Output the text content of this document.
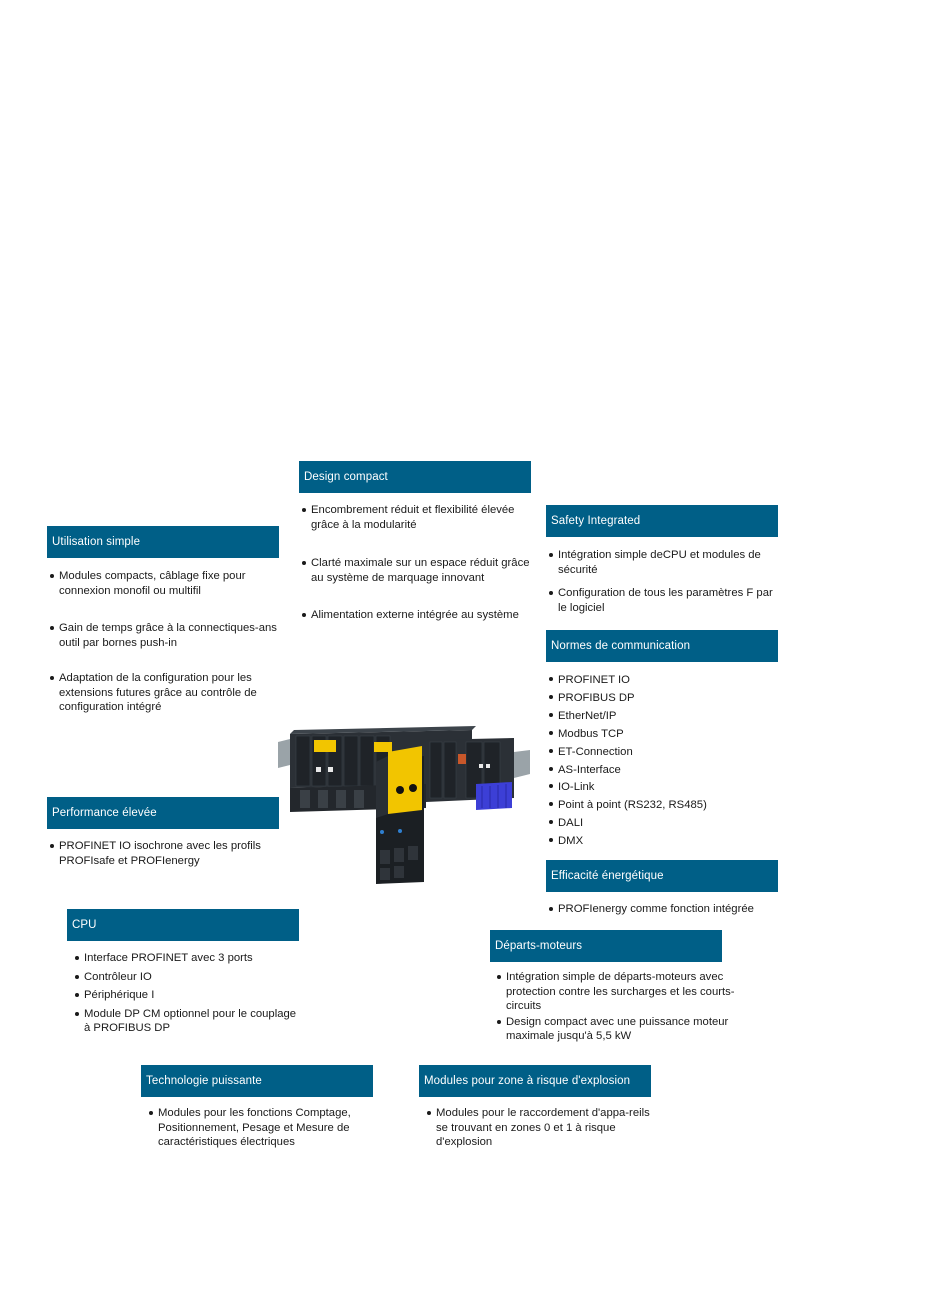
Design compact
Encombrement réduit et flexibilité élevée grâce à la modularité
Clarté maximale sur un espace réduit grâce au système de marquage innovant
Alimentation externe intégrée au système
Utilisation simple
Modules compacts, câblage fixe pour connexion monofil ou multifil
Gain de temps grâce à la connectiques-ans outil par bornes push-in
Adaptation de la configuration pour les extensions futures grâce au contrôle de configuration intégré
Safety Integrated
Intégration simple deCPU et modules de sécurité
Configuration de tous les paramètres F par le logiciel
Normes de communication
PROFINET IO
PROFIBUS DP
EtherNet/IP
Modbus TCP
ET-Connection
AS-Interface
IO-Link
Point à point (RS232, RS485)
DALI
DMX
Performance élevée
PROFINET IO isochrone avec les profils PROFIsafe et PROFIenergy
Efficacité énergétique
PROFIenergy comme fonction intégrée
CPU
Interface PROFINET avec 3 ports
Contrôleur IO
Périphérique I
Module DP CM optionnel pour le couplage à PROFIBUS DP
Départs-moteurs
Intégration simple de départs-moteurs avec protection contre les surcharges et les courts-circuits
Design compact avec une puissance moteur maximale jusqu'à 5,5 kW
Technologie puissante
Modules pour les fonctions Comptage, Positionnement, Pesage et Mesure de caractéristiques électriques
Modules pour zone à risque d'explosion
Modules pour le raccordement d'appa-reils se trouvant en zones 0 et 1 à risque d'explosion
